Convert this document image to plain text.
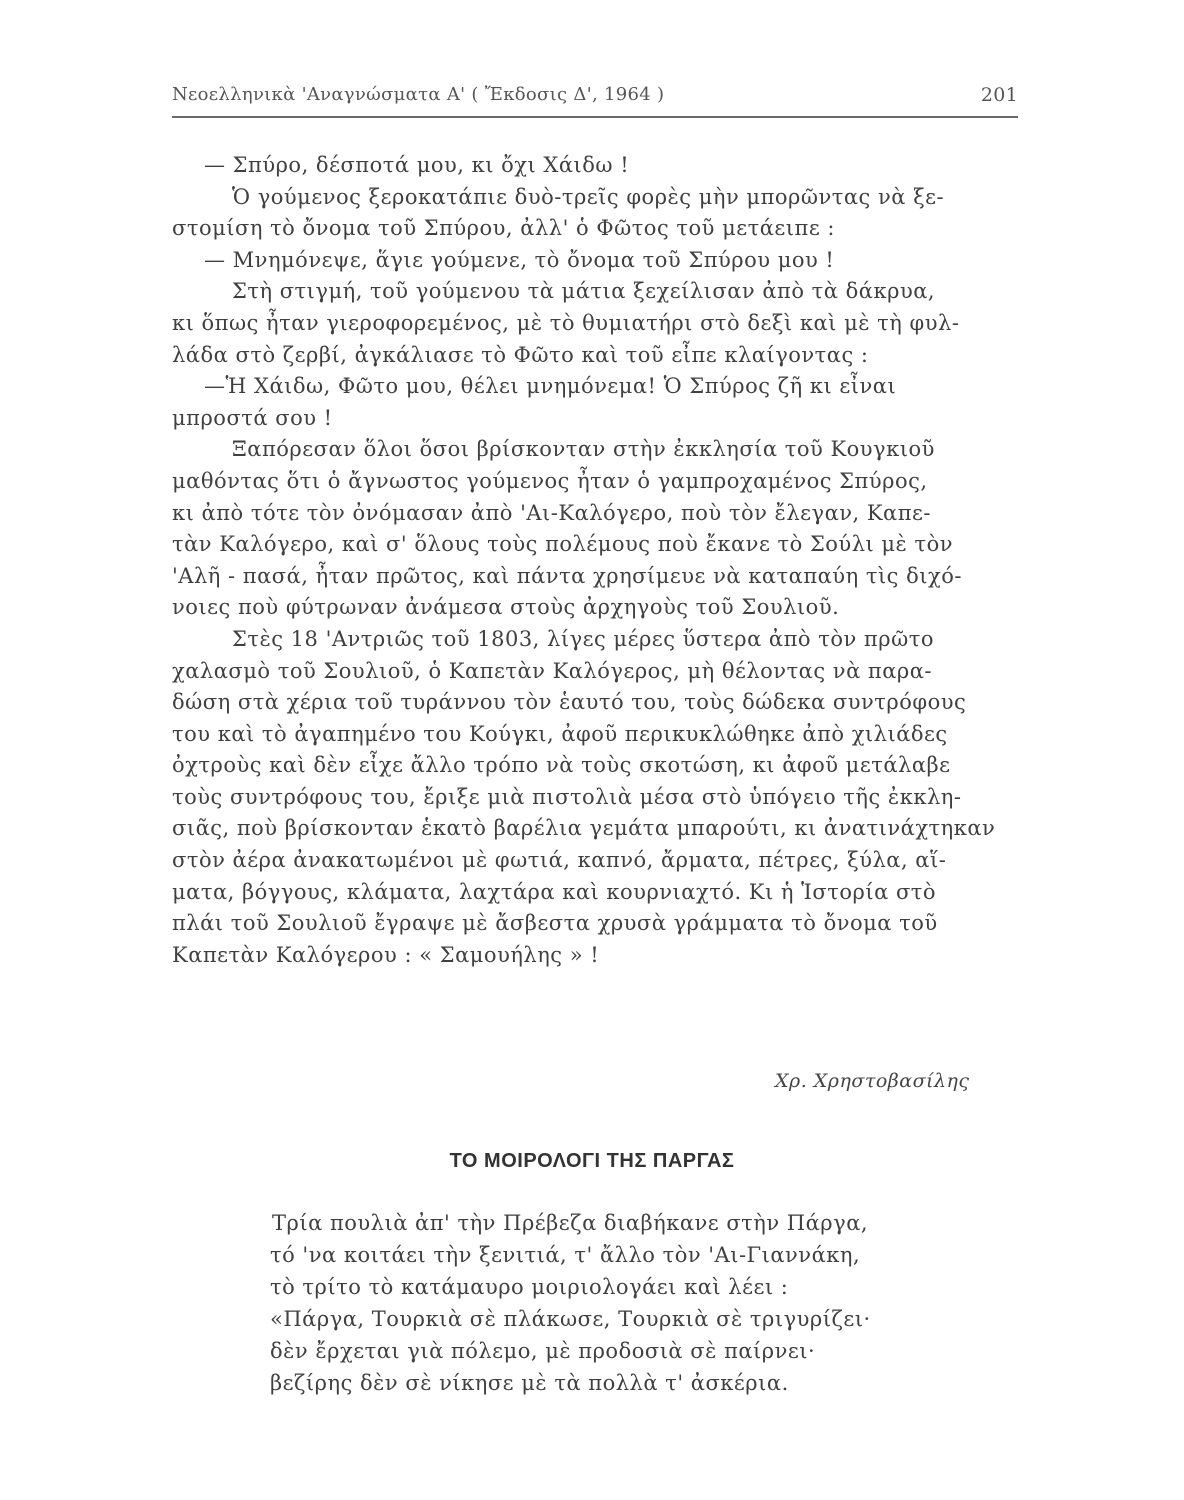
Νεοελληνικὰ 'Αναγνώσματα Α' ( Ἔκδοσις Δ', 1964 )	201
— Σπύρο, δέσποτά μου, κι ὄχι Χάιδω !
Ὁ γούμενος ξεροκατάπιε δυὸ-τρεῖς φορὲς μὴν μπορῶντας νὰ ξε-
στομίση τὸ ὄνομα τοῦ Σπύρου, ἀλλ' ὁ Φῶτος τοῦ μετάειπε :
— Μνημόνεψε, ἅγιε γούμενε, τὸ ὄνομα τοῦ Σπύρου μου !
Στὴ στιγμή, τοῦ γούμενου τὰ μάτια ξεχείλισαν ἀπὸ τὰ δάκρυα,
κι ὅπως ἦταν γιεροφορεμένος, μὲ τὸ θυμιατήρι στὸ δεξὶ καὶ μὲ τὴ φυλ-
λάδα στὸ ζερβί, ἀγκάλιασε τὸ Φῶτο καὶ τοῦ εἶπε κλαίγοντας :
—Ἡ Χάιδω, Φῶτο μου, θέλει μνημόνεμα! Ὁ Σπύρος ζῆ κι εἶναι
μπροστά σου !
Ξαπόρεσαν ὅλοι ὅσοι βρίσκονταν στὴν ἐκκλησία τοῦ Κουγκιοῦ
μαθόντας ὅτι ὁ ἄγνωστος γούμενος ἦταν ὁ γαμπροχαμένος Σπύρος,
κι ἀπὸ τότε τὸν ὀνόμασαν ἀπὸ 'Αι-Καλόγερο, ποὺ τὸν ἔλεγαν, Καπε-
τὰν Καλόγερο, καὶ σ' ὅλους τοὺς πολέμους ποὺ ἔκανε τὸ Σούλι μὲ τὸν
'Αλῆ - πασά, ἦταν πρῶτος, καὶ πάντα χρησίμευε νὰ καταπαύη τὶς διχό-
νοιες ποὺ φύτρωναν ἀνάμεσα στοὺς ἀρχηγοὺς τοῦ Σουλιοῦ.
Στὲς 18 'Αντριῶς τοῦ 1803, λίγες μέρες ὕστερα ἀπὸ τὸν πρῶτο
χαλασμὸ τοῦ Σουλιοῦ, ὁ Καπετὰν Καλόγερος, μὴ θέλοντας νὰ παρα-
δώση στὰ χέρια τοῦ τυράννου τὸν ἑαυτό του, τοὺς δώδεκα συντρόφους
του καὶ τὸ ἀγαπημένο του Κούγκι, ἀφοῦ περικυκλώθηκε ἀπὸ χιλιάδες
ὀχτροὺς καὶ δὲν εἶχε ἄλλο τρόπο νὰ τοὺς σκοτώση, κι ἀφοῦ μετάλαβε
τοὺς συντρόφους του, ἔριξε μιὰ πιστολιὰ μέσα στὸ ὑπόγειο τῆς ἐκκλη-
σιᾶς, ποὺ βρίσκονταν ἑκατὸ βαρέλια γεμάτα μπαρούτι, κι ἀνατινάχτηκαν
στὸν ἀέρα ἀνακατωμένοι μὲ φωτιά, καπνό, ἄρματα, πέτρες, ξύλα, αἵ-
ματα, βόγγους, κλάματα, λαχτάρα καὶ κουρνιαχτό. Κι ἡ Ἱστορία στὸ
πλάι τοῦ Σουλιοῦ ἔγραψε μὲ ἄσβεστα χρυσὰ γράμματα τὸ ὄνομα τοῦ
Καπετὰν Καλόγερου : « Σαμουήλης » !
Χρ. Χρηστοβασίλης
ΤΟ ΜΟΙΡΟΛΟΓΙ ΤΗΣ ΠΑΡΓΑΣ
Τρία πουλιὰ ἀπ' τὴν Πρέβεζα διαβήκανε στὴν Πάργα,
τό 'να κοιτάει τὴν ξενιτιά, τ' ἄλλο τὸν 'Αι-Γιαννάκη,
τὸ τρίτο τὸ κατάμαυρο μοιριολογάει καὶ λέει :
«Πάργα, Τουρκιὰ σὲ πλάκωσε, Τουρκιὰ σὲ τριγυρίζει·
δὲν ἔρχεται γιὰ πόλεμο, μὲ προδοσιὰ σὲ παίρνει·
βεζίρης δὲν σὲ νίκησε μὲ τὰ πολλὰ τ' ἀσκέρια.
